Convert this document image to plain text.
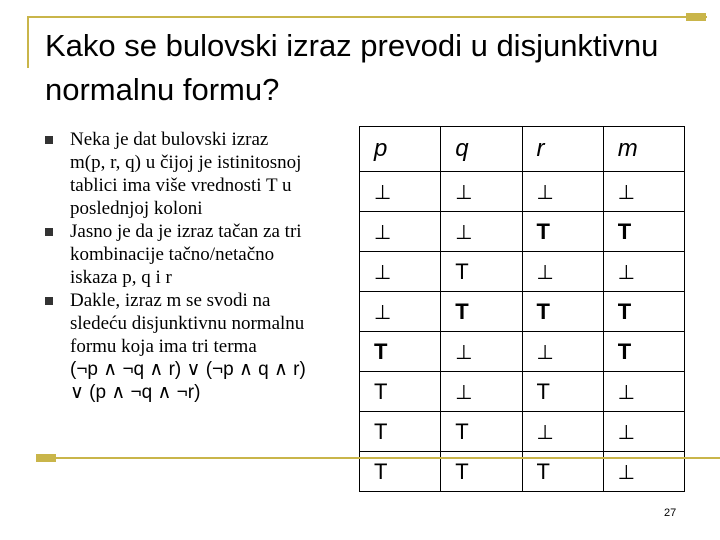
Kako se bulovski izraz prevodi u disjunktivnu normalnu formu?
Neka je dat bulovski izraz
m(p, r, q) u čijoj je istinitosnoj
tablici ima više vrednosti T u
poslednjoj koloni
Jasno je da je izraz tačan za tri
kombinacije tačno/netačno
iskaza p, q i r
Dakle, izraz m se svodi na
sledeću disjunktivnu normalnu
formu koja ima tri terma
(¬p ∧ ¬q ∧ r) ∨ (¬p ∧ q ∧ r)
∨ (p ∧ ¬q ∧ ¬r)
p	q	r	m
⊥	⊥	⊥	⊥
⊥	⊥	T	T
⊥	T	⊥	⊥
⊥	T	T	T
T	⊥	⊥	T
T	⊥	T	⊥
T	T	⊥	⊥
T	T	T	⊥
27
